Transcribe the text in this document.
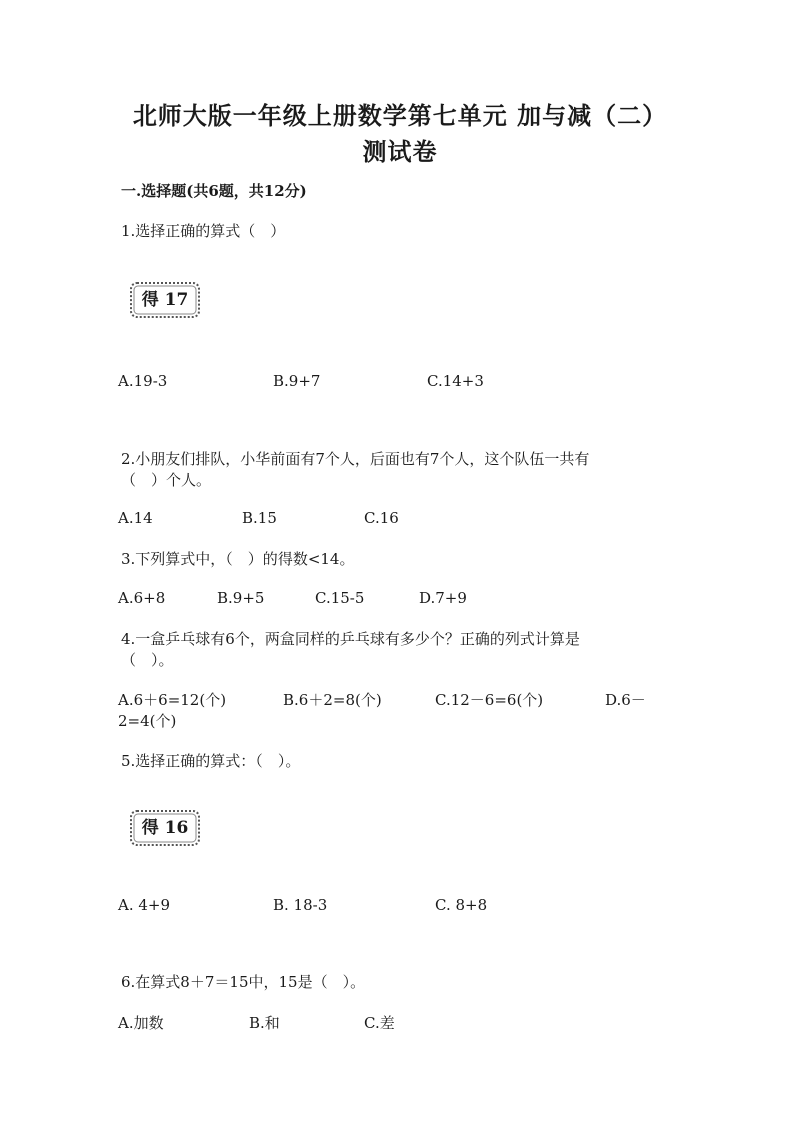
北师大版一年级上册数学第七单元 加与减（二）
测试卷
一.选择题(共6题，共12分)
1.选择正确的算式（　）
得 17
A.19-3	B.9+7	C.14+3
2.小朋友们排队，小华前面有7个人，后面也有7个人，这个队伍一共有
（　）个人。
A.14	B.15	C.16
3.下列算式中，（　）的得数<14。
A.6+8	B.9+5	C.15-5	D.7+9
4.一盒乒乓球有6个，两盒同样的乒乓球有多少个？正确的列式计算是
（　）。
A.6＋6=12(个)	B.6＋2=8(个)	C.12－6=6(个)	D.6－
2=4(个)
5.选择正确的算式：（　）。
得 16
A. 4+9	B. 18-3	C. 8+8
6.在算式8＋7＝15中，15是（　）。
A.加数	B.和	C.差
